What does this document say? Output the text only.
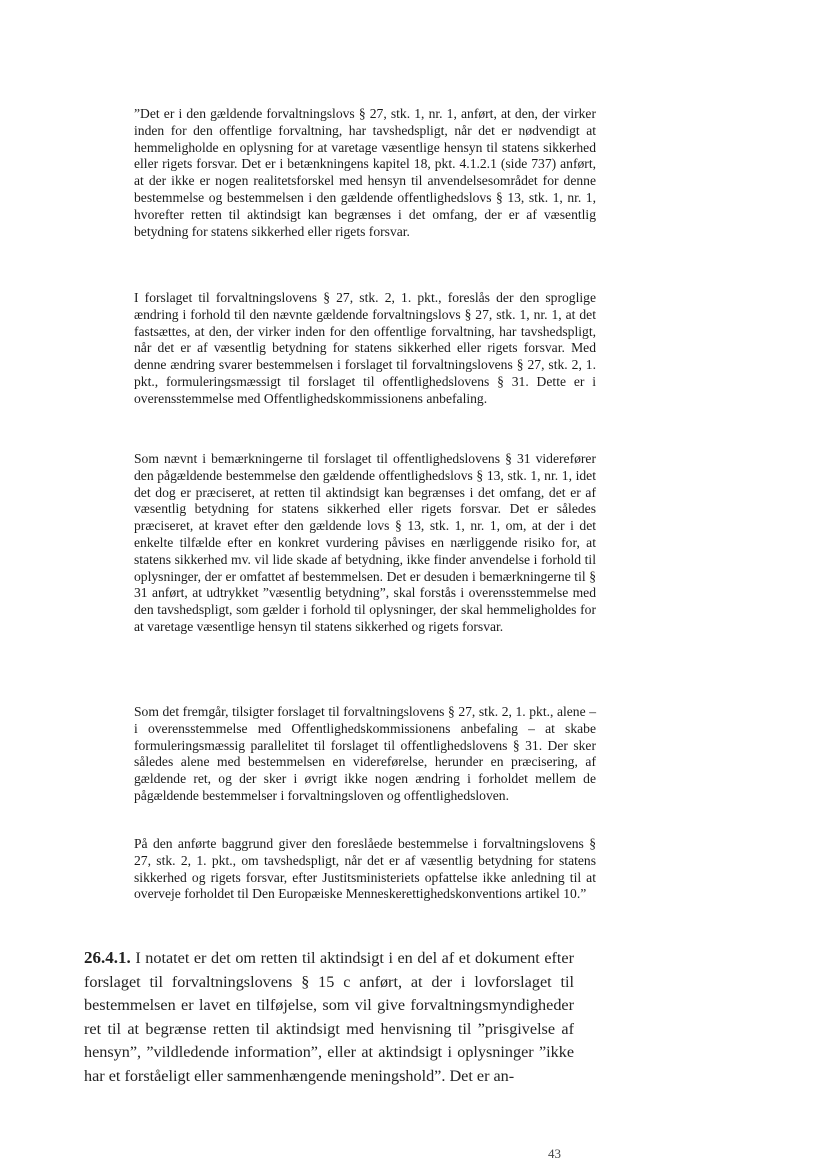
”Det er i den gældende forvaltningslovs § 27, stk. 1, nr. 1, anført, at den, der virker inden for den offentlige forvaltning, har tavshedspligt, når det er nødvendigt at hemmeligholde en oplysning for at varetage væsentlige hensyn til statens sikkerhed eller rigets forsvar. Det er i betænkningens kapitel 18, pkt. 4.1.2.1 (side 737) anført, at der ikke er nogen realitetsforskel med hensyn til anvendelsesområdet for denne bestemmelse og bestemmelsen i den gældende offentlighedslovs § 13, stk. 1, nr. 1, hvorefter retten til aktindsigt kan begrænses i det omfang, der er af væsentlig betydning for statens sikkerhed eller rigets forsvar.

I forslaget til forvaltningslovens § 27, stk. 2, 1. pkt., foreslås der den sproglige ændring i forhold til den nævnte gældende forvaltningslovs § 27, stk. 1, nr. 1, at det fastsættes, at den, der virker inden for den offentlige forvaltning, har tavshedspligt, når det er af væsentlig betydning for statens sikkerhed eller rigets forsvar. Med denne ændring svarer bestemmelsen i forslaget til forvaltningslovens § 27, stk. 2, 1. pkt., formuleringsmæssigt til forslaget til offentlighedslovens § 31. Dette er i overensstemmelse med Offentlighedskommissionens anbefaling.

Som nævnt i bemærkningerne til forslaget til offentlighedslovens § 31 viderefører den pågældende bestemmelse den gældende offentlighedslovs § 13, stk. 1, nr. 1, idet det dog er præciseret, at retten til aktindsigt kan begrænses i det omfang, det er af væsentlig betydning for statens sikkerhed eller rigets forsvar. Det er således præciseret, at kravet efter den gældende lovs § 13, stk. 1, nr. 1, om, at der i det enkelte tilfælde efter en konkret vurdering påvises en nærliggende risiko for, at statens sikkerhed mv. vil lide skade af betydning, ikke finder anvendelse i forhold til oplysninger, der er omfattet af bestemmelsen. Det er desuden i bemærkningerne til § 31 anført, at udtrykket ”væsentlig betydning”, skal forstås i overensstemmelse med den tavshedspligt, som gælder i forhold til oplysninger, der skal hemmeligholdes for at varetage væsentlige hensyn til statens sikkerhed og rigets forsvar.

Som det fremgår, tilsigter forslaget til forvaltningslovens § 27, stk. 2, 1. pkt., alene – i overensstemmelse med Offentlighedskommissionens anbefaling – at skabe formuleringsmæssig parallelitet til forslaget til offentlighedslovens § 31. Der sker således alene med bestemmelsen en videreførelse, herunder en præcisering, af gældende ret, og der sker i øvrigt ikke nogen ændring i forholdet mellem de pågældende bestemmelser i forvaltningsloven og offentlighedsloven.

På den anførte baggrund giver den foreslåede bestemmelse i forvaltningslovens § 27, stk. 2, 1. pkt., om tavshedspligt, når det er af væsentlig betydning for statens sikkerhed og rigets forsvar, efter Justitsministeriets opfattelse ikke anledning til at overveje forholdet til Den Europæiske Menneskerettighedskonventions artikel 10.”

26.4.1. I notatet er det om retten til aktindsigt i en del af et dokument efter forslaget til forvaltningslovens § 15 c anført, at der i lovforslaget til bestemmelsen er lavet en tilføjelse, som vil give forvaltningsmyndigheder ret til at begrænse retten til aktindsigt med henvisning til ”prisgivelse af hensyn”, ”vildledende information”, eller at aktindsigt i oplysninger ”ikke har et forståeligt eller sammenhængende meningshold”. Det er an-

43
